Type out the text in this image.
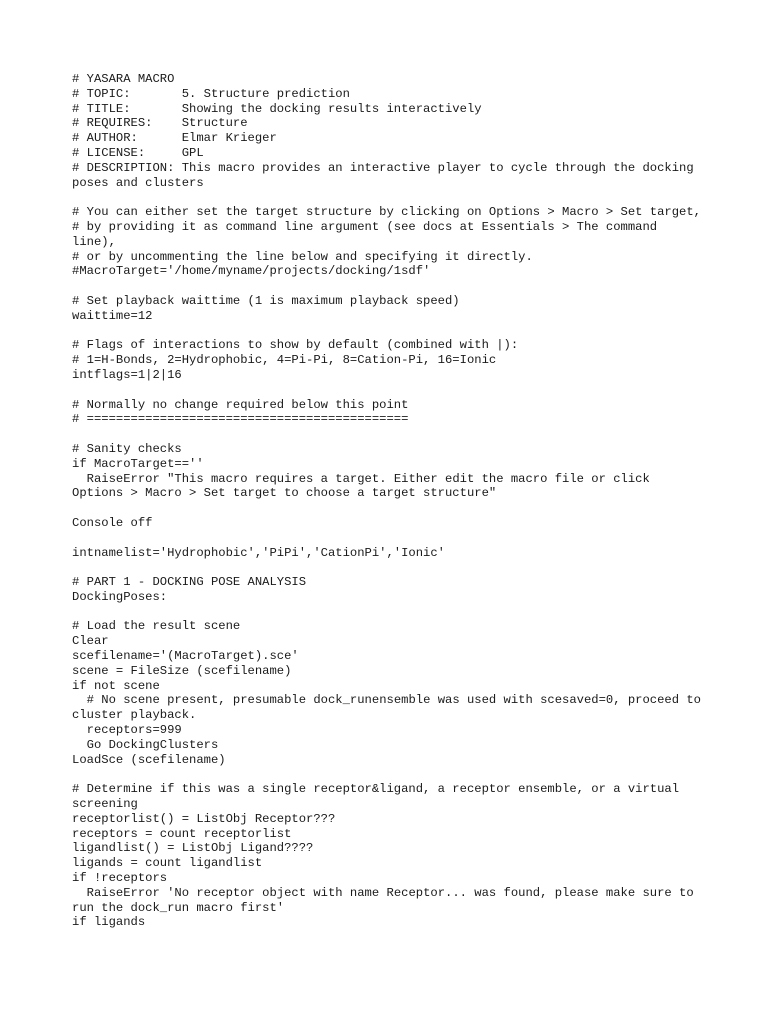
# YASARA MACRO
# TOPIC:       5. Structure prediction
# TITLE:       Showing the docking results interactively
# REQUIRES:    Structure
# AUTHOR:      Elmar Krieger
# LICENSE:     GPL
# DESCRIPTION: This macro provides an interactive player to cycle through the docking poses and clusters
# You can either set the target structure by clicking on Options > Macro > Set target,
# by providing it as command line argument (see docs at Essentials > The command line),
# or by uncommenting the line below and specifying it directly.
#MacroTarget='/home/myname/projects/docking/1sdf'
# Set playback waittime (1 is maximum playback speed)
waittime=12
# Flags of interactions to show by default (combined with |):
# 1=H-Bonds, 2=Hydrophobic, 4=Pi-Pi, 8=Cation-Pi, 16=Ionic
intflags=1|2|16
# Normally no change required below this point
# ============================================
# Sanity checks
if MacroTarget==''
RaiseError "This macro requires a target. Either edit the macro file or click Options > Macro > Set target to choose a target structure"
Console off
intnamelist='Hydrophobic','PiPi','CationPi','Ionic'
# PART 1 - DOCKING POSE ANALYSIS
DockingPoses:
# Load the result scene
Clear
scefilename='(MacroTarget).sce'
scene = FileSize (scefilename)
if not scene
# No scene present, presumable dock_runensemble was used with scesaved=0, proceed to cluster playback.
receptors=999
Go DockingClusters
LoadSce (scefilename)
# Determine if this was a single receptor&ligand, a receptor ensemble, or a virtual screening
receptorlist() = ListObj Receptor???
receptors = count receptorlist
ligandlist() = ListObj Ligand????
ligands = count ligandlist
if !receptors
RaiseError 'No receptor object with name Receptor... was found, please make sure to run the dock_run macro first'
if ligands
